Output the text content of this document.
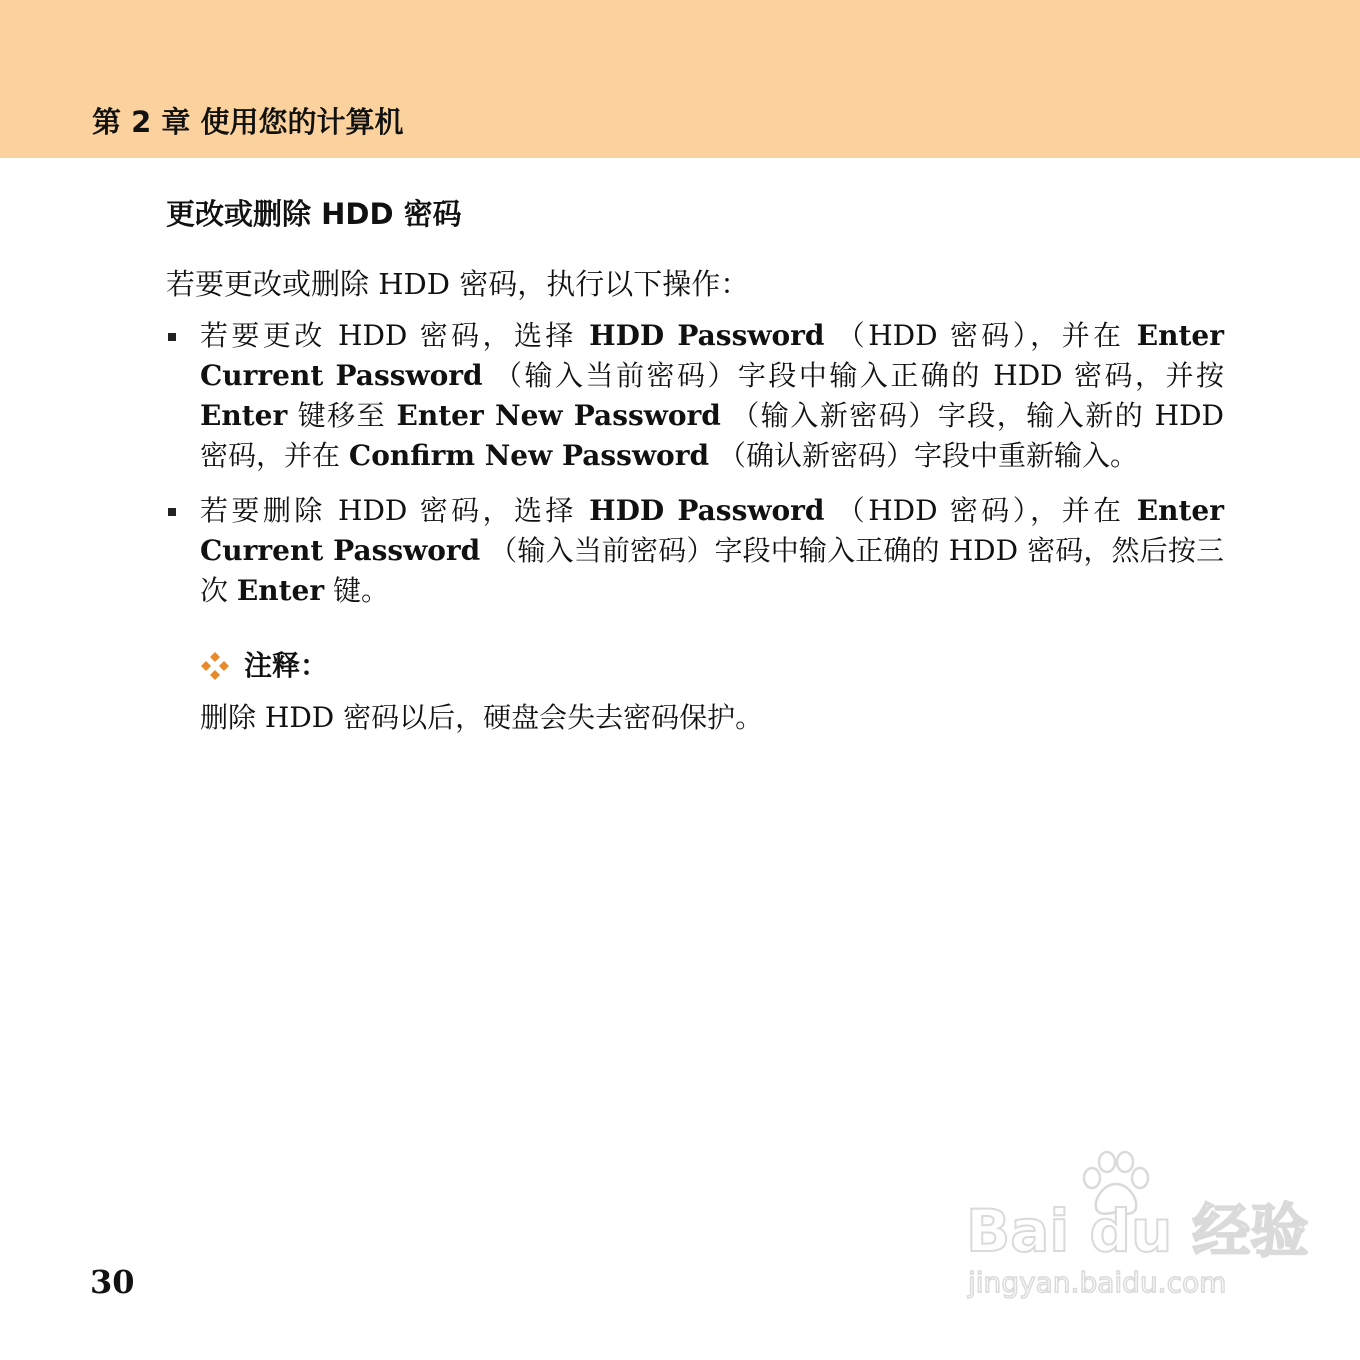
第 2 章 使用您的计算机
更改或删除 HDD 密码
若要更改或删除 HDD 密码，执行以下操作：
若要更改 HDD 密码，选择 HDD Password （HDD 密码），并在 Enter Current Password （输入当前密码）字段中输入正确的 HDD 密码，并按 Enter 键移至 Enter New Password （输入新密码）字段，输入新的 HDD 密码，并在 Confirm New Password （确认新密码）字段中重新输入。
若要删除 HDD 密码，选择 HDD Password （HDD 密码），并在 Enter Current Password （输入当前密码）字段中输入正确的 HDD 密码，然后按三次 Enter 键。
注释：
删除 HDD 密码以后，硬盘会失去密码保护。
30
Bai du 经验
jingyan.baidu.com
